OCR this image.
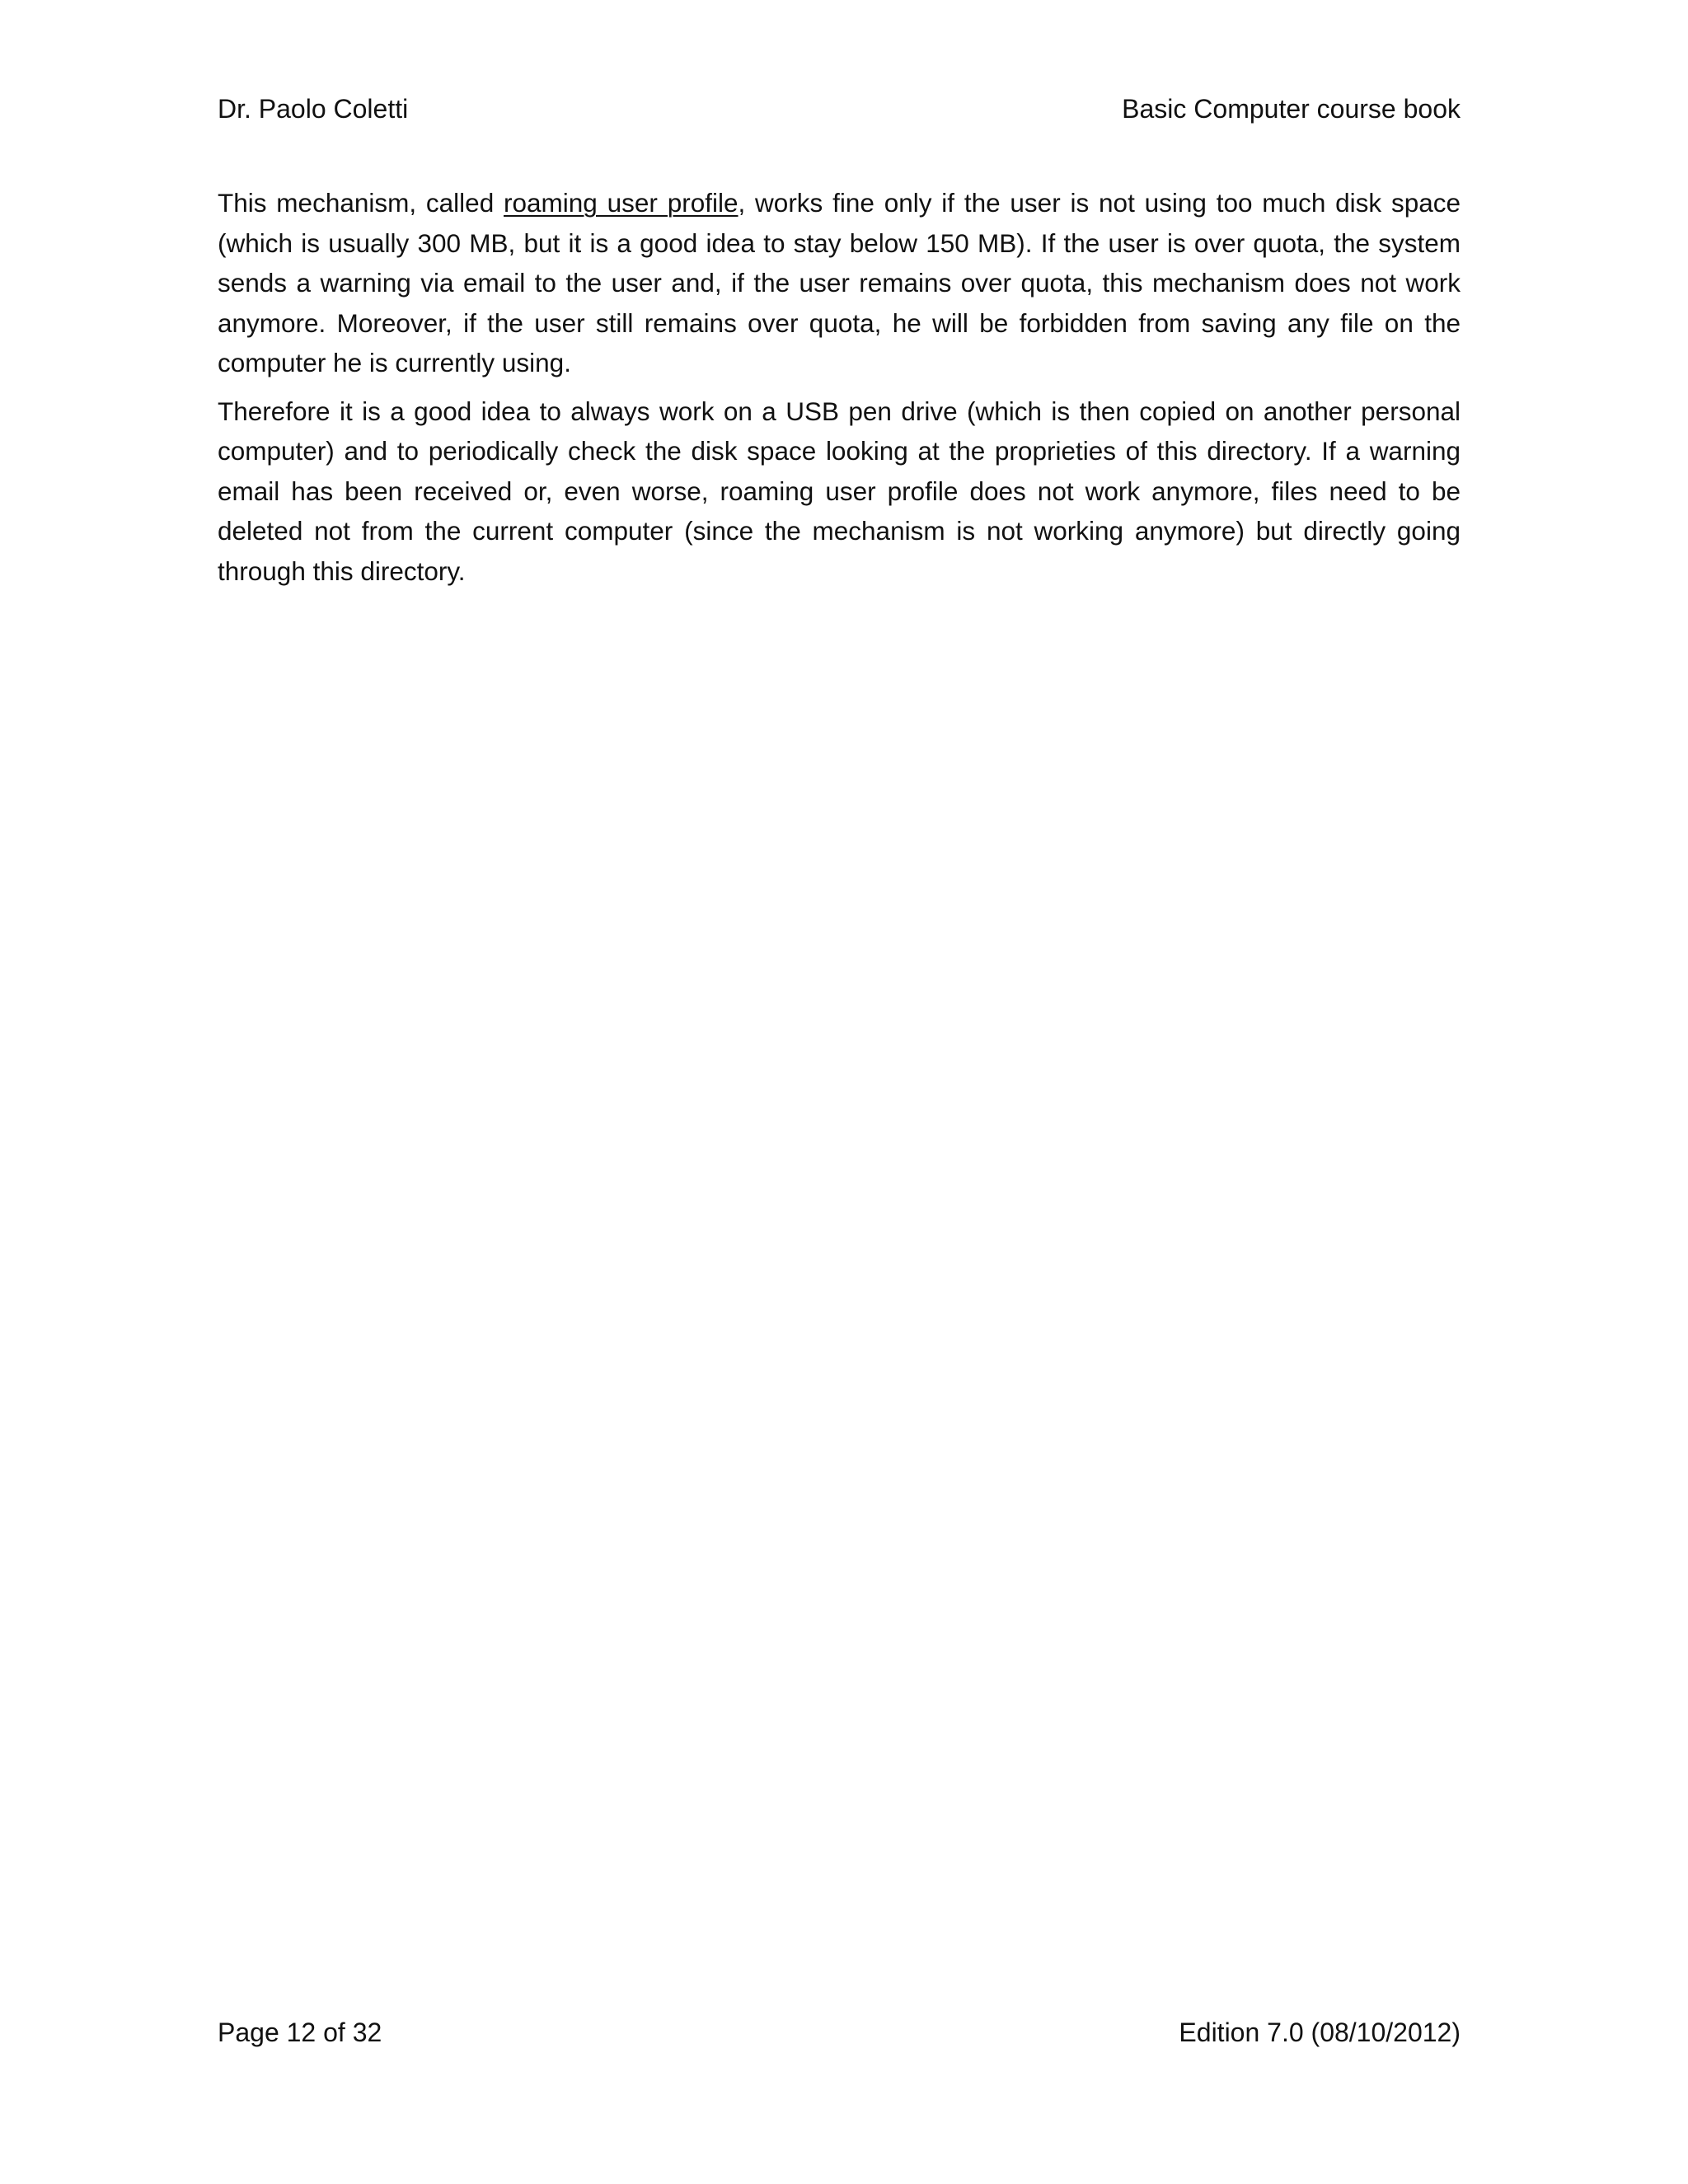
Dr. Paolo Coletti	Basic Computer course book

This mechanism, called roaming user profile, works fine only if the user is not using too much disk space (which is usually 300 MB, but it is a good idea to stay below 150 MB). If the user is over quota, the system sends a warning via email to the user and, if the user remains over quota, this mechanism does not work anymore. Moreover, if the user still remains over quota, he will be forbidden from saving any file on the computer he is currently using.

Therefore it is a good idea to always work on a USB pen drive (which is then copied on another personal computer) and to periodically check the disk space looking at the proprieties of this directory. If a warning email has been received or, even worse, roaming user profile does not work anymore, files need to be deleted not from the current computer (since the mechanism is not working anymore) but directly going through this directory.

Page 12 of 32	Edition 7.0 (08/10/2012)
